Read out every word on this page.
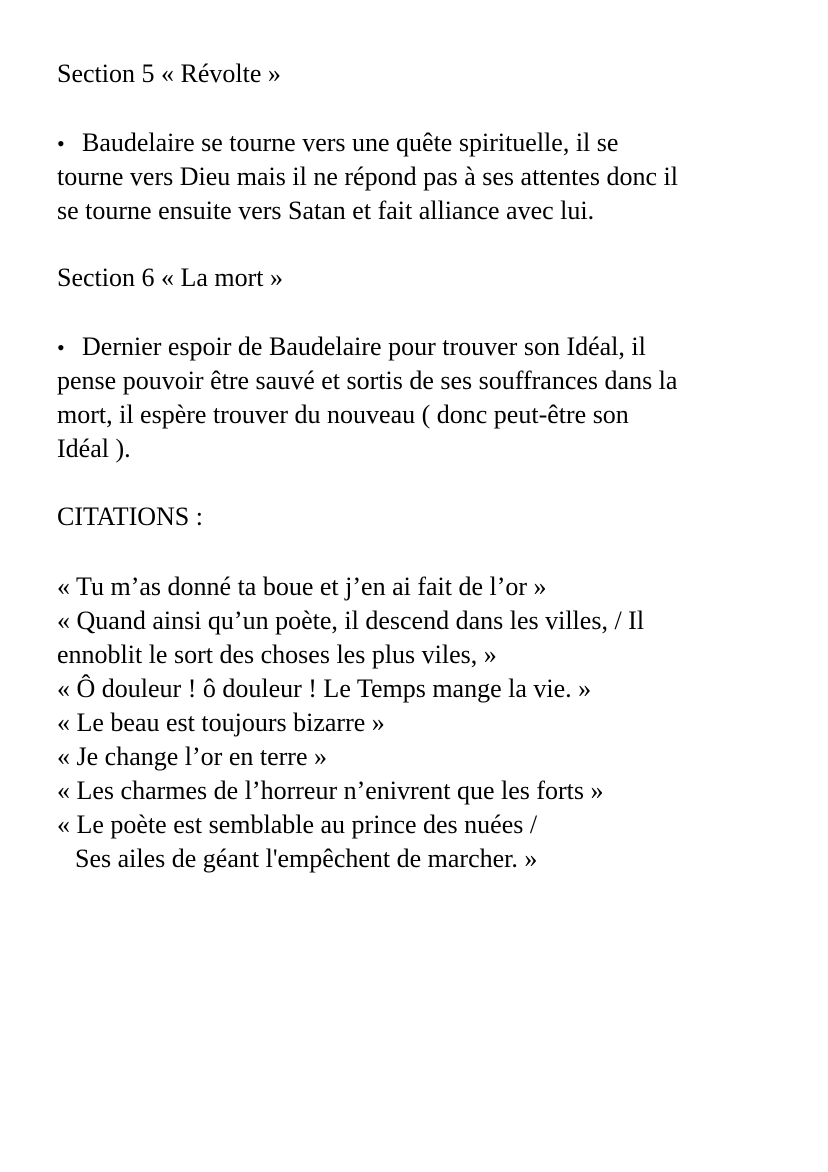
Section 5 « Révolte »
• Baudelaire se tourne vers une quête spirituelle, il se
tourne vers Dieu mais il ne répond pas à ses attentes donc il
se tourne ensuite vers Satan et fait alliance avec lui.
Section 6 « La mort »
• Dernier espoir de Baudelaire pour trouver son Idéal, il
pense pouvoir être sauvé et sortis de ses souffrances dans la
mort, il espère trouver du nouveau ( donc peut-être son
Idéal ).
CITATIONS :
« Tu m’as donné ta boue et j’en ai fait de l’or »
« Quand ainsi qu’un poète, il descend dans les villes, / Il
ennoblit le sort des choses les plus viles, »
« Ô douleur ! ô douleur ! Le Temps mange la vie. »
« Le beau est toujours bizarre »
« Je change l’or en terre »
« Les charmes de l’horreur n’enivrent que les forts »
« Le poète est semblable au prince des nuées /
Ses ailes de géant l'empêchent de marcher. »
